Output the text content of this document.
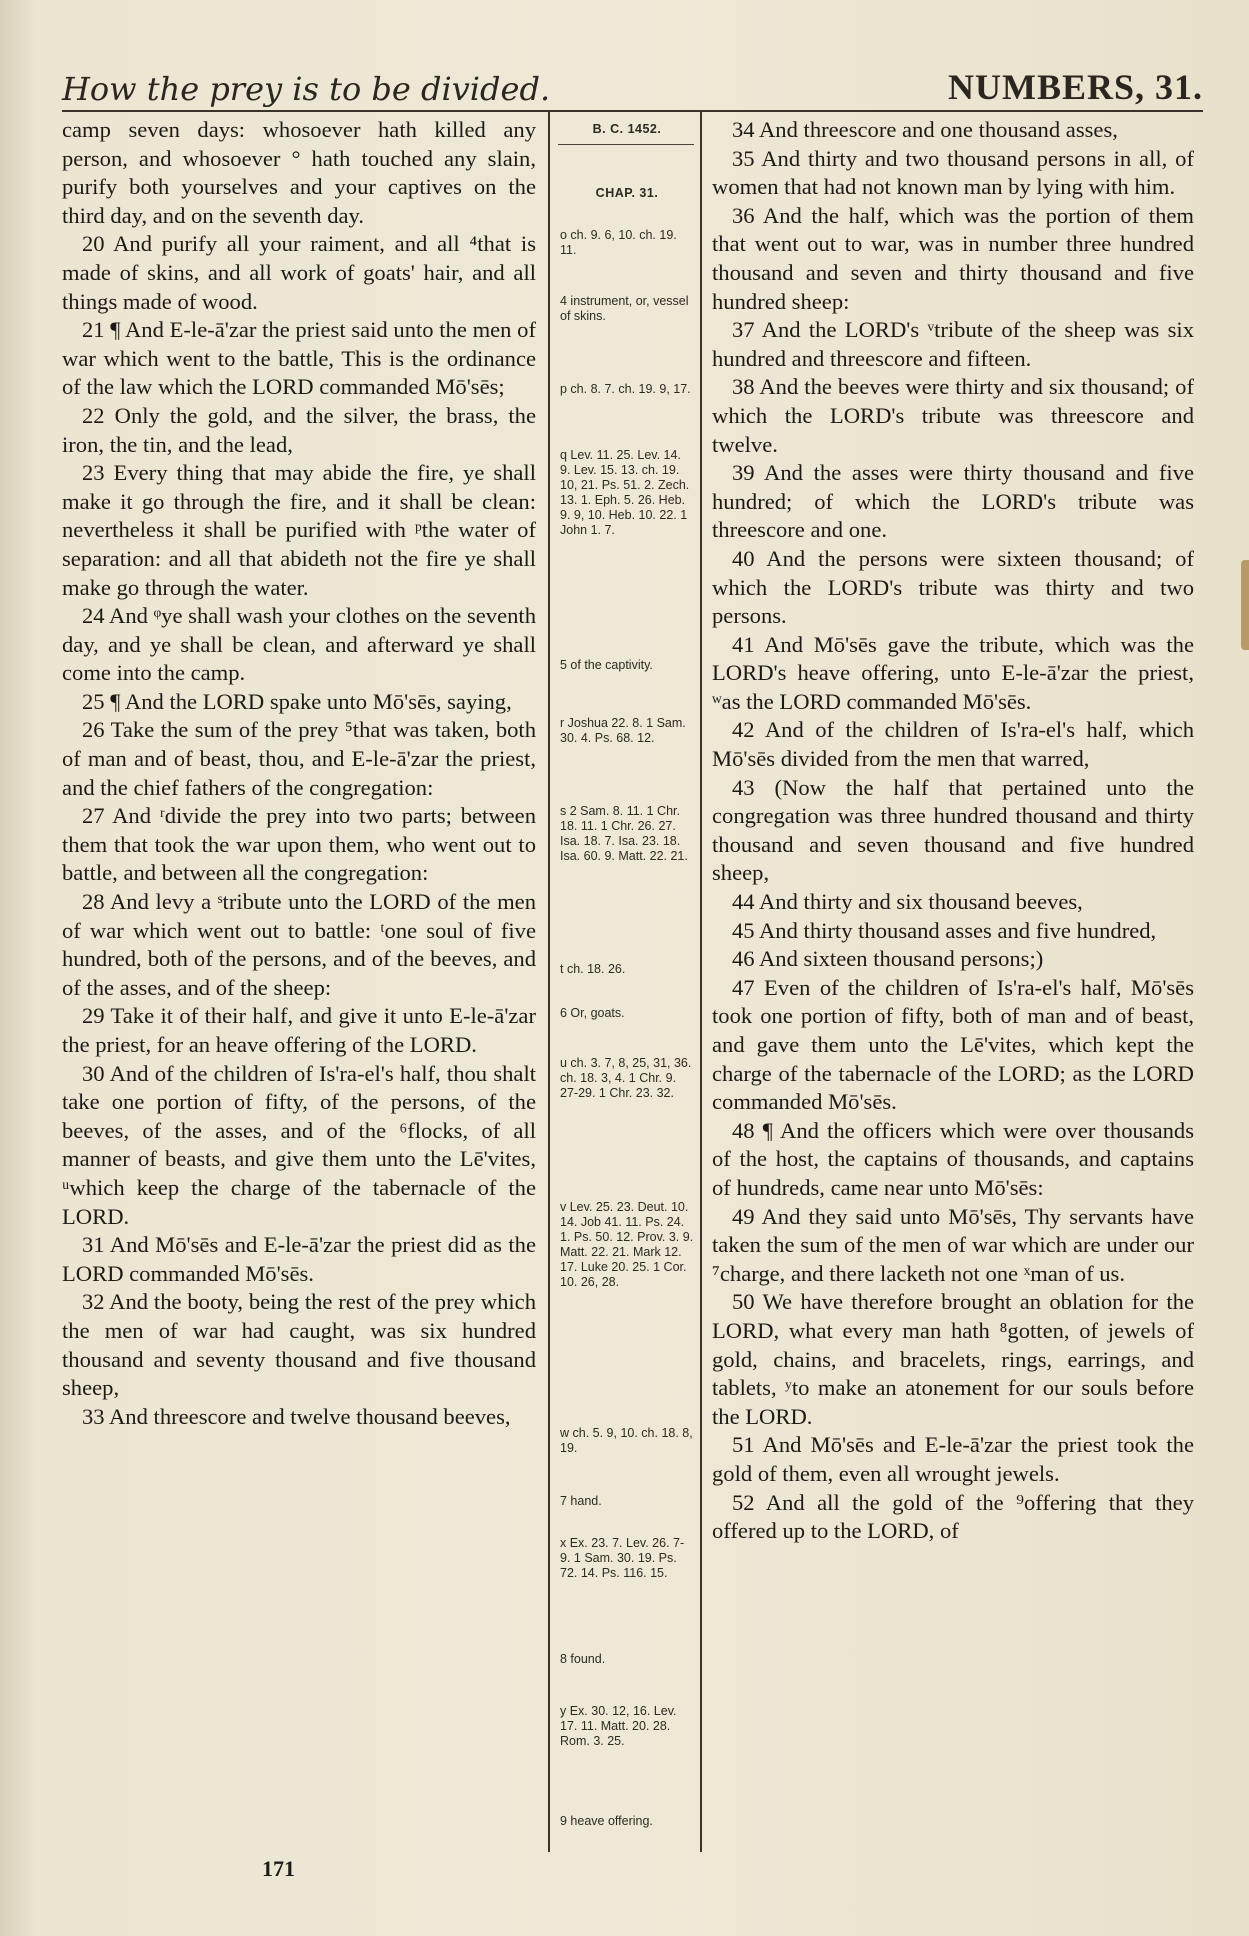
How the prey is to be divided.	NUMBERS, 31.

camp seven days: whosoever hath killed any person, and whosoever ° hath touched any slain, purify both yourselves and your captives on the third day, and on the seventh day.

20 And purify all your raiment, and all ⁴that is made of skins, and all work of goats' hair, and all things made of wood.

21 ¶ And E-le-ā'zar the priest said unto the men of war which went to the battle, This is the ordinance of the law which the LORD commanded Mō'sēs;

22 Only the gold, and the silver, the brass, the iron, the tin, and the lead,

23 Every thing that may abide the fire, ye shall make it go through the fire, and it shall be clean: nevertheless it shall be purified with ᵖthe water of separation: and all that abideth not the fire ye shall make go through the water.

24 And ᵠye shall wash your clothes on the seventh day, and ye shall be clean, and afterward ye shall come into the camp.

25 ¶ And the LORD spake unto Mō'sēs, saying,

26 Take the sum of the prey ⁵that was taken, both of man and of beast, thou, and E-le-ā'zar the priest, and the chief fathers of the congregation:

27 And ʳdivide the prey into two parts; between them that took the war upon them, who went out to battle, and between all the congregation:

28 And levy a ˢtribute unto the LORD of the men of war which went out to battle: ᵗone soul of five hundred, both of the persons, and of the beeves, and of the asses, and of the sheep:

29 Take it of their half, and give it unto E-le-ā'zar the priest, for an heave offering of the LORD.

30 And of the children of Is'ra-el's half, thou shalt take one portion of fifty, of the persons, of the beeves, of the asses, and of the ⁶flocks, of all manner of beasts, and give them unto the Lē'vites, ᵘwhich keep the charge of the tabernacle of the LORD.

31 And Mō'sēs and E-le-ā'zar the priest did as the LORD commanded Mō'sēs.

32 And the booty, being the rest of the prey which the men of war had caught, was six hundred thousand and seventy thousand and five thousand sheep,

33 And threescore and twelve thousand beeves,

B. C. 1452.
CHAP. 31.
o ch. 9. 6, 10. ch. 19. 11.
4 instrument, or, vessel of skins.
p ch. 8. 7. ch. 19. 9, 17.
q Lev. 11. 25. Lev. 14. 9. Lev. 15. 13. ch. 19. 10, 21. Ps. 51. 2. Zech. 13. 1. Eph. 5. 26. Heb. 9. 9, 10. Heb. 10. 22. 1 John 1. 7.
5 of the captivity.
r Joshua 22. 8. 1 Sam. 30. 4. Ps. 68. 12.
s 2 Sam. 8. 11. 1 Chr. 18. 11. 1 Chr. 26. 27. Isa. 18. 7. Isa. 23. 18. Isa. 60. 9. Matt. 22. 21.
t ch. 18. 26.
6 Or, goats.
u ch. 3. 7, 8, 25, 31, 36. ch. 18. 3, 4. 1 Chr. 9. 27-29. 1 Chr. 23. 32.
v Lev. 25. 23. Deut. 10. 14. Job 41. 11. Ps. 24. 1. Ps. 50. 12. Prov. 3. 9. Matt. 22. 21. Mark 12. 17. Luke 20. 25. 1 Cor. 10. 26, 28.
w ch. 5. 9, 10. ch. 18. 8, 19.
7 hand.
x Ex. 23. 7. Lev. 26. 7-9. 1 Sam. 30. 19. Ps. 72. 14. Ps. 116. 15.
8 found.
y Ex. 30. 12, 16. Lev. 17. 11. Matt. 20. 28. Rom. 3. 25.
9 heave offering.

34 And threescore and one thousand asses,

35 And thirty and two thousand persons in all, of women that had not known man by lying with him.

36 And the half, which was the portion of them that went out to war, was in number three hundred thousand and seven and thirty thousand and five hundred sheep:

37 And the LORD's ᵛtribute of the sheep was six hundred and threescore and fifteen.

38 And the beeves were thirty and six thousand; of which the LORD's tribute was threescore and twelve.

39 And the asses were thirty thousand and five hundred; of which the LORD's tribute was threescore and one.

40 And the persons were sixteen thousand; of which the LORD's tribute was thirty and two persons.

41 And Mō'sēs gave the tribute, which was the LORD's heave offering, unto E-le-ā'zar the priest, ʷas the LORD commanded Mō'sēs.

42 And of the children of Is'ra-el's half, which Mō'sēs divided from the men that warred,

43 (Now the half that pertained unto the congregation was three hundred thousand and thirty thousand and seven thousand and five hundred sheep,

44 And thirty and six thousand beeves,

45 And thirty thousand asses and five hundred,

46 And sixteen thousand persons;)

47 Even of the children of Is'ra-el's half, Mō'sēs took one portion of fifty, both of man and of beast, and gave them unto the Lē'vites, which kept the charge of the tabernacle of the LORD; as the LORD commanded Mō'sēs.

48 ¶ And the officers which were over thousands of the host, the captains of thousands, and captains of hundreds, came near unto Mō'sēs:

49 And they said unto Mō'sēs, Thy servants have taken the sum of the men of war which are under our ⁷charge, and there lacketh not one ˣman of us.

50 We have therefore brought an oblation for the LORD, what every man hath ⁸gotten, of jewels of gold, chains, and bracelets, rings, earrings, and tablets, ʸto make an atonement for our souls before the LORD.

51 And Mō'sēs and E-le-ā'zar the priest took the gold of them, even all wrought jewels.

52 And all the gold of the ⁹offering that they offered up to the LORD, of

171
